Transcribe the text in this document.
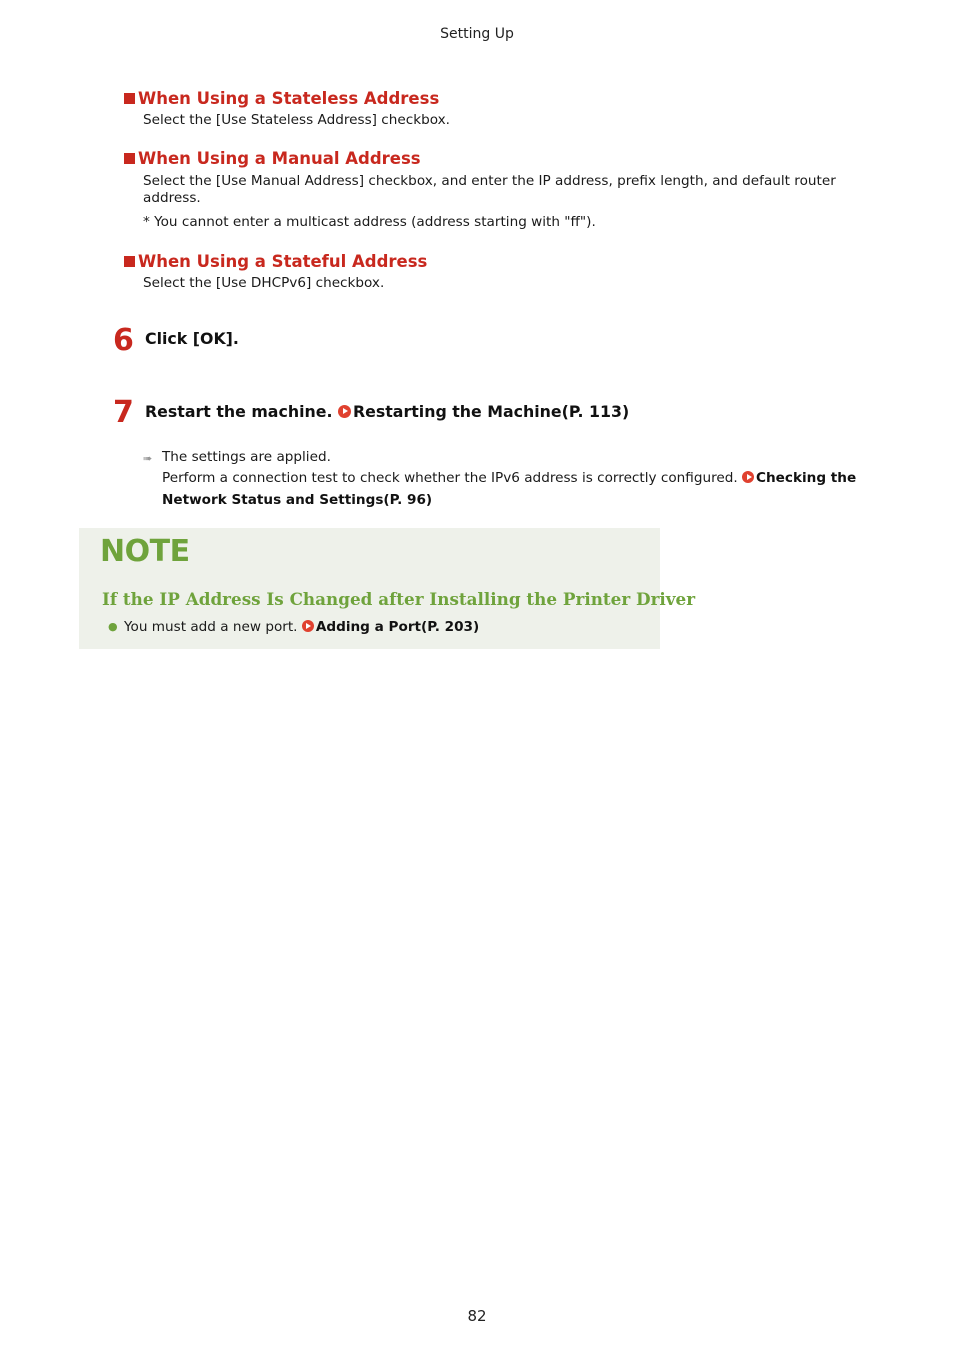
Setting Up
When Using a Stateless Address
Select the [Use Stateless Address] checkbox.
When Using a Manual Address
Select the [Use Manual Address] checkbox, and enter the IP address, prefix length, and default router address.
* You cannot enter a multicast address (address starting with "ff").
When Using a Stateful Address
Select the [Use DHCPv6] checkbox.
6 Click [OK].
7 Restart the machine. Restarting the Machine(P. 113)
➠ The settings are applied.
Perform a connection test to check whether the IPv6 address is correctly configured. Checking the Network Status and Settings(P. 96)
NOTE
If the IP Address Is Changed after Installing the Printer Driver
● You must add a new port. Adding a Port(P. 203)
82
